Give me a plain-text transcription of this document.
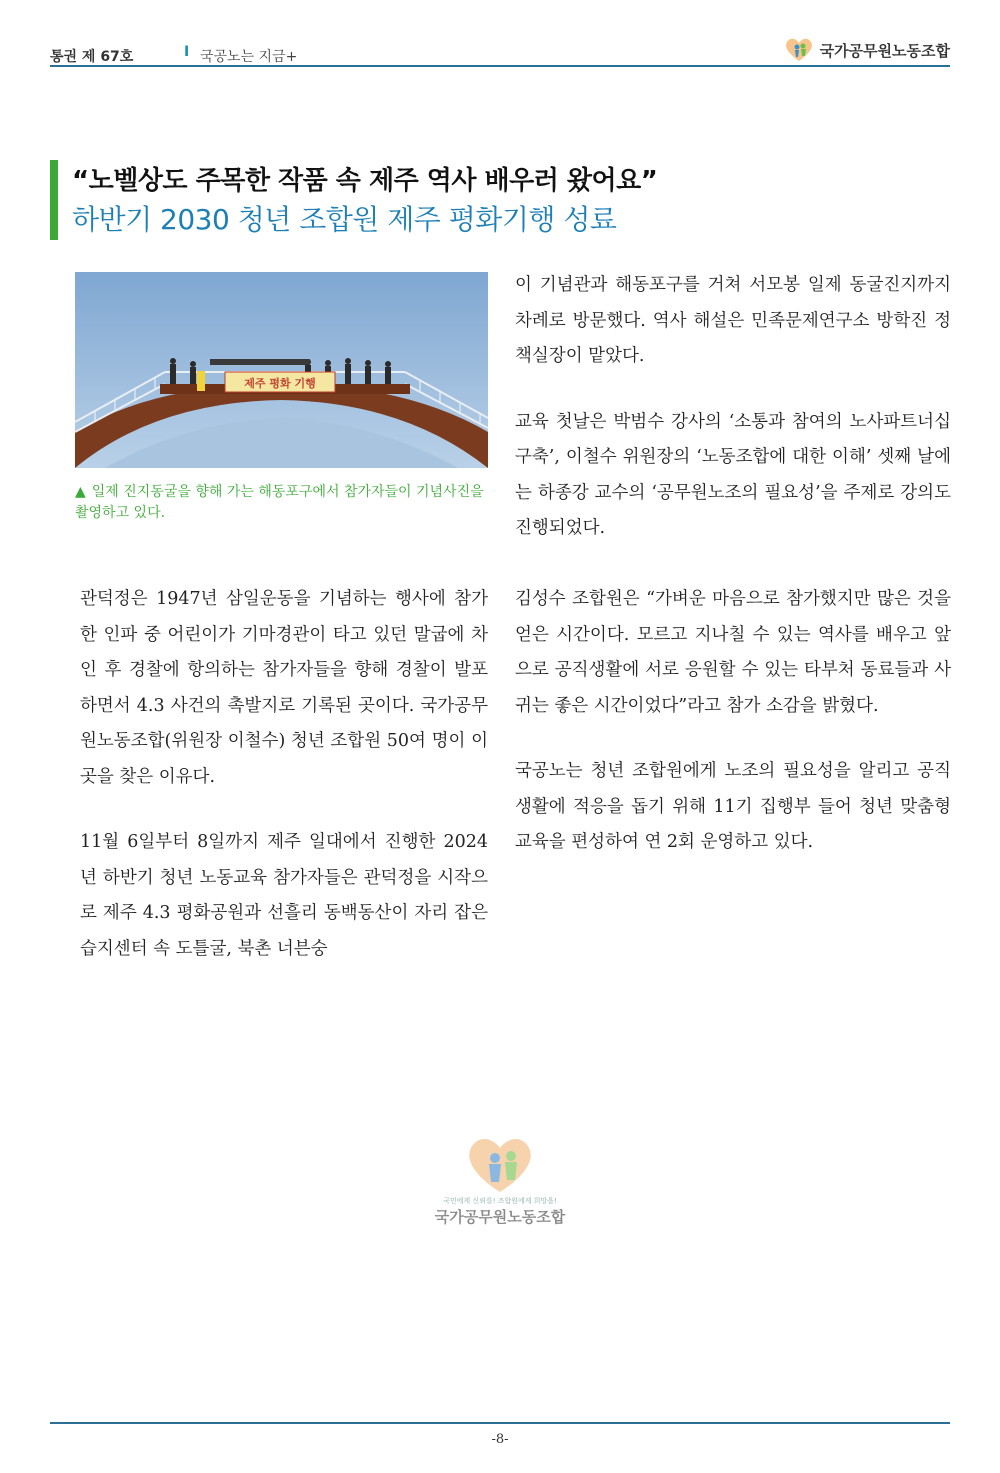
통권 제 67호	I 국공노는 지금+	국가공무원노동조합
“노벨상도 주목한 작품 속 제주 역사 배우러 왔어요”
하반기 2030 청년 조합원 제주 평화기행 성료
제주 평화 기행
▲ 일제 진지동굴을 향해 가는 해동포구에서 참가자들이 기념사진을 촬영하고 있다.

관덕정은 1947년 삼일운동을 기념하는 행사에 참가한 인파 중 어린이가 기마경관이 타고 있던 말굽에 차인 후 경찰에 항의하는 참가자들을 향해 경찰이 발포하면서 4.3 사건의 촉발지로 기록된 곳이다. 국가공무원노동조합(위원장 이철수) 청년 조합원 50여 명이 이곳을 찾은 이유다.

11월 6일부터 8일까지 제주 일대에서 진행한 2024년 하반기 청년 노동교육 참가자들은 관덕정을 시작으로 제주 4.3 평화공원과 선흘리 동백동산이 자리 잡은 습지센터 속 도틀굴, 북촌 너븐숭

이 기념관과 해동포구를 거쳐 서모봉 일제 동굴진지까지 차례로 방문했다. 역사 해설은 민족문제연구소 방학진 정책실장이 맡았다.

교육 첫날은 박범수 강사의 ‘소통과 참여의 노사파트너십 구축’, 이철수 위원장의 ‘노동조합에 대한 이해’ 셋째 날에는 하종강 교수의 ‘공무원노조의 필요성’을 주제로 강의도 진행되었다.

김성수 조합원은 “가벼운 마음으로 참가했지만 많은 것을 얻은 시간이다. 모르고 지나칠 수 있는 역사를 배우고 앞으로 공직생활에 서로 응원할 수 있는 타부처 동료들과 사귀는 좋은 시간이었다”라고 참가 소감을 밝혔다.

국공노는 청년 조합원에게 노조의 필요성을 알리고 공직생활에 적응을 돕기 위해 11기 집행부 들어 청년 맞춤형 교육을 편성하여 연 2회 운영하고 있다.

국민에게 신뢰를! 조합원에게 희망을!
국가공무원노동조합
-8-
